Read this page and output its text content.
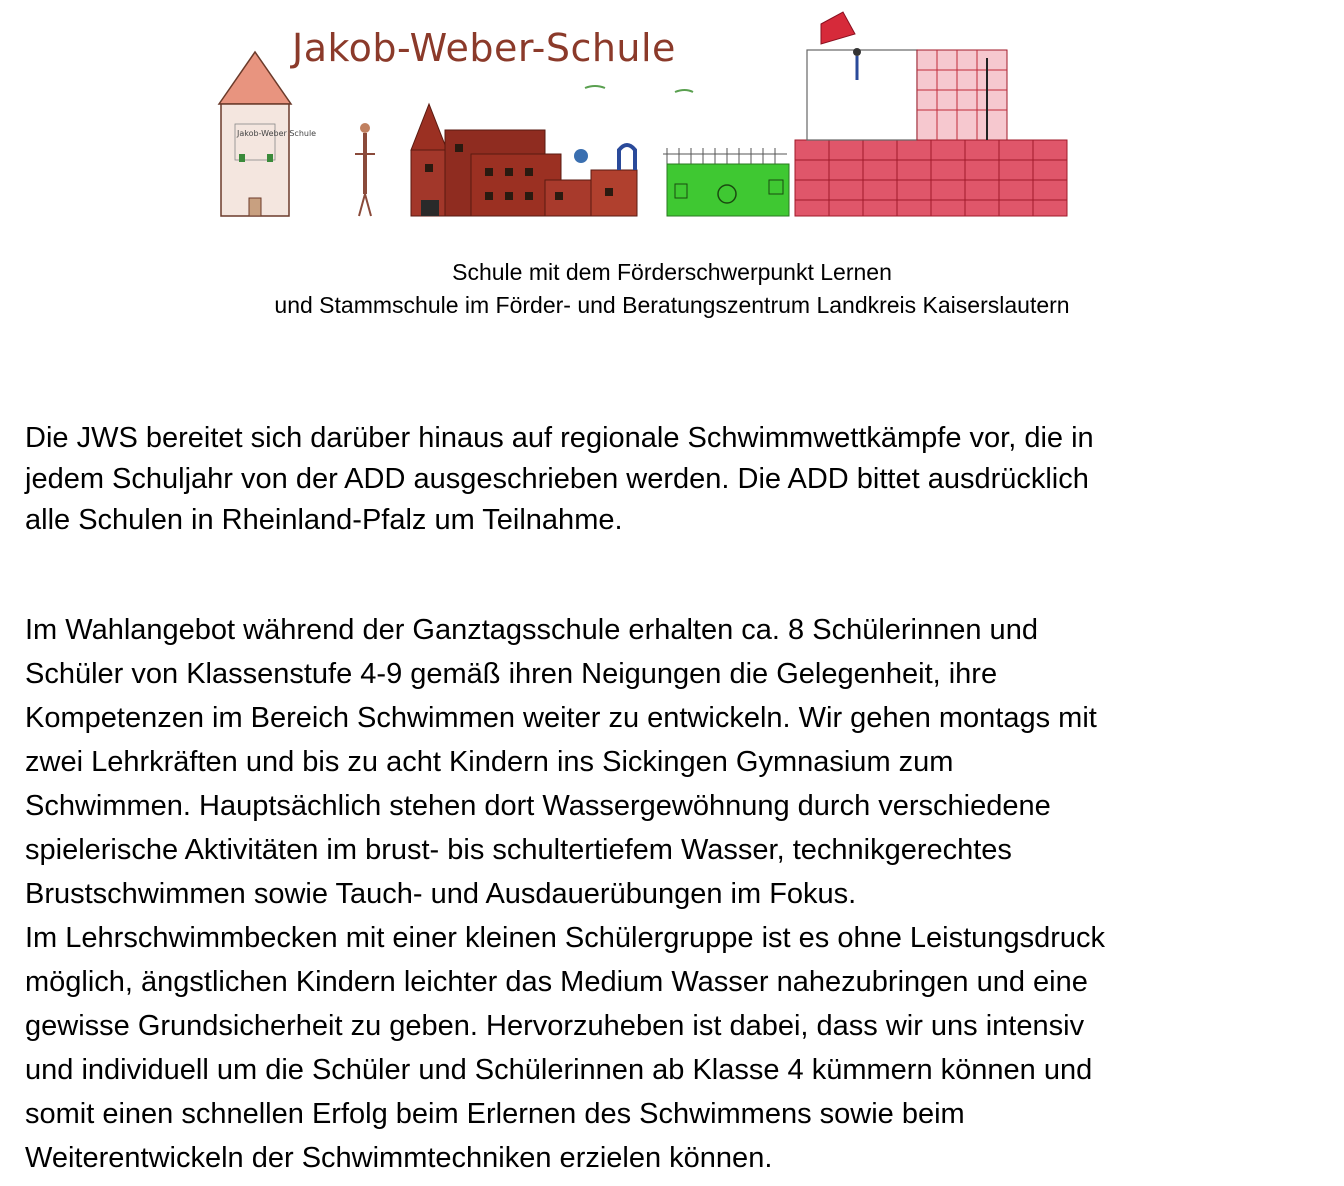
Jakob-Weber Schule
Jakob-Weber-Schule
Schule mit dem Förderschwerpunkt Lernen
und Stammschule im Förder- und Beratungszentrum Landkreis Kaiserslautern
Die JWS bereitet sich darüber hinaus auf regionale Schwimmwettkämpfe vor, die in
jedem Schuljahr von der ADD ausgeschrieben werden. Die ADD bittet ausdrücklich
alle Schulen in Rheinland-Pfalz um Teilnahme.
Im Wahlangebot während der Ganztagsschule erhalten ca. 8 Schülerinnen und
Schüler von Klassenstufe 4-9 gemäß ihren Neigungen die Gelegenheit, ihre
Kompetenzen im Bereich Schwimmen weiter zu entwickeln. Wir gehen montags mit
zwei Lehrkräften und bis zu acht Kindern ins Sickingen Gymnasium zum
Schwimmen. Hauptsächlich stehen dort Wassergewöhnung durch verschiedene
spielerische Aktivitäten im brust- bis schultertiefem Wasser, technikgerechtes
Brustschwimmen sowie Tauch- und Ausdauerübungen im Fokus.
Im Lehrschwimmbecken mit einer kleinen Schülergruppe ist es ohne Leistungsdruck
möglich, ängstlichen Kindern leichter das Medium Wasser nahezubringen und eine
gewisse Grundsicherheit zu geben. Hervorzuheben ist dabei, dass wir uns intensiv
und individuell um die Schüler und Schülerinnen ab Klasse 4 kümmern können und
somit einen schnellen Erfolg beim Erlernen des Schwimmens sowie beim
Weiterentwickeln der Schwimmtechniken erzielen können.
